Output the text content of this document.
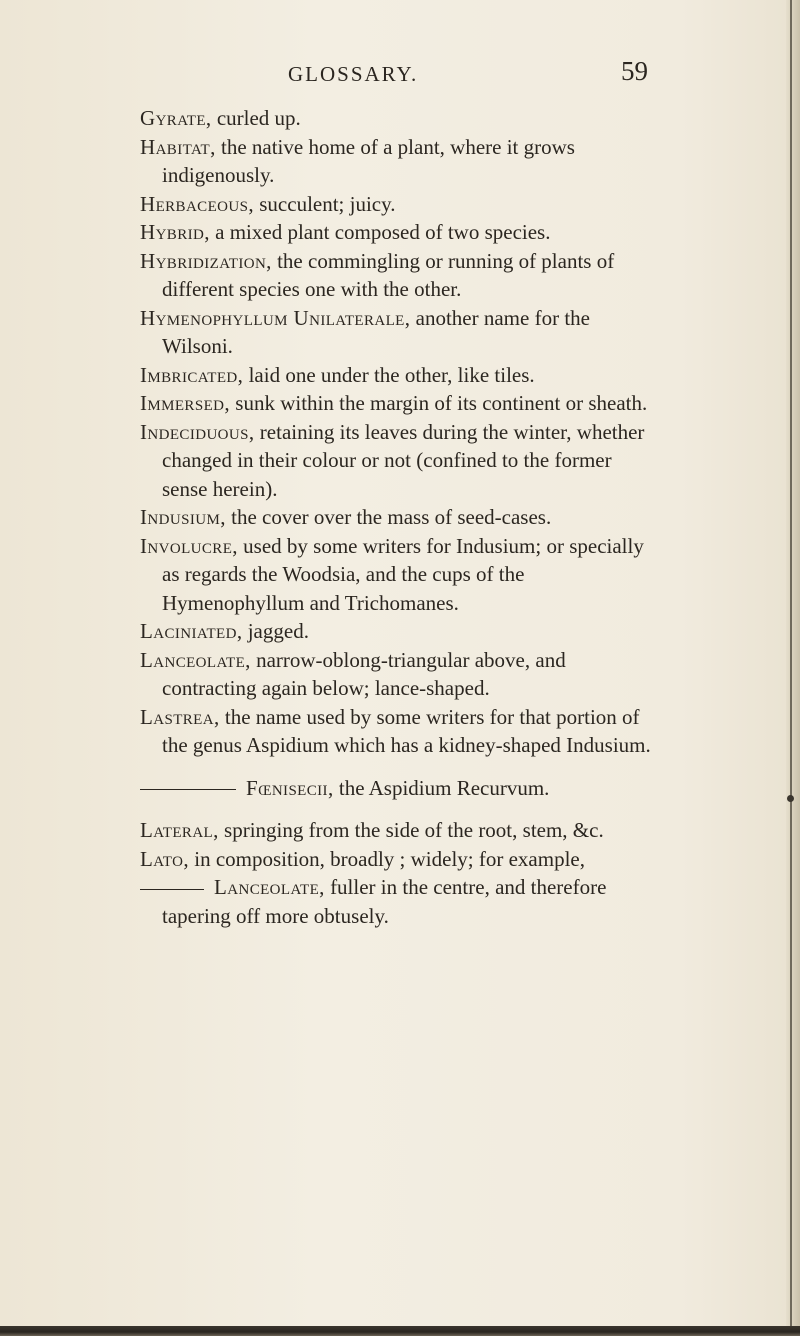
GLOSSARY.	59
Gyrate, curled up.
Habitat, the native home of a plant, where it grows indigenously.
Herbaceous, succulent; juicy.
Hybrid, a mixed plant composed of two species.
Hybridization, the commingling or running of plants of different species one with the other.
Hymenophyllum Unilaterale, another name for the Wilsoni.
Imbricated, laid one under the other, like tiles.
Immersed, sunk within the margin of its continent or sheath.
Indeciduous, retaining its leaves during the winter, whether changed in their colour or not (confined to the former sense herein).
Indusium, the cover over the mass of seed-cases.
Involucre, used by some writers for Indusium; or specially as regards the Woodsia, and the cups of the Hymenophyllum and Trichomanes.
Laciniated, jagged.
Lanceolate, narrow-oblong-triangular above, and contracting again below; lance-shaped.
Lastrea, the name used by some writers for that portion of the genus Aspidium which has a kidney-shaped Indusium.
Fœnisecii, the Aspidium Recurvum.
Lateral, springing from the side of the root, stem, &c.
Lato, in composition, broadly ; widely; for example,
Lanceolate, fuller in the centre, and therefore tapering off more obtusely.
